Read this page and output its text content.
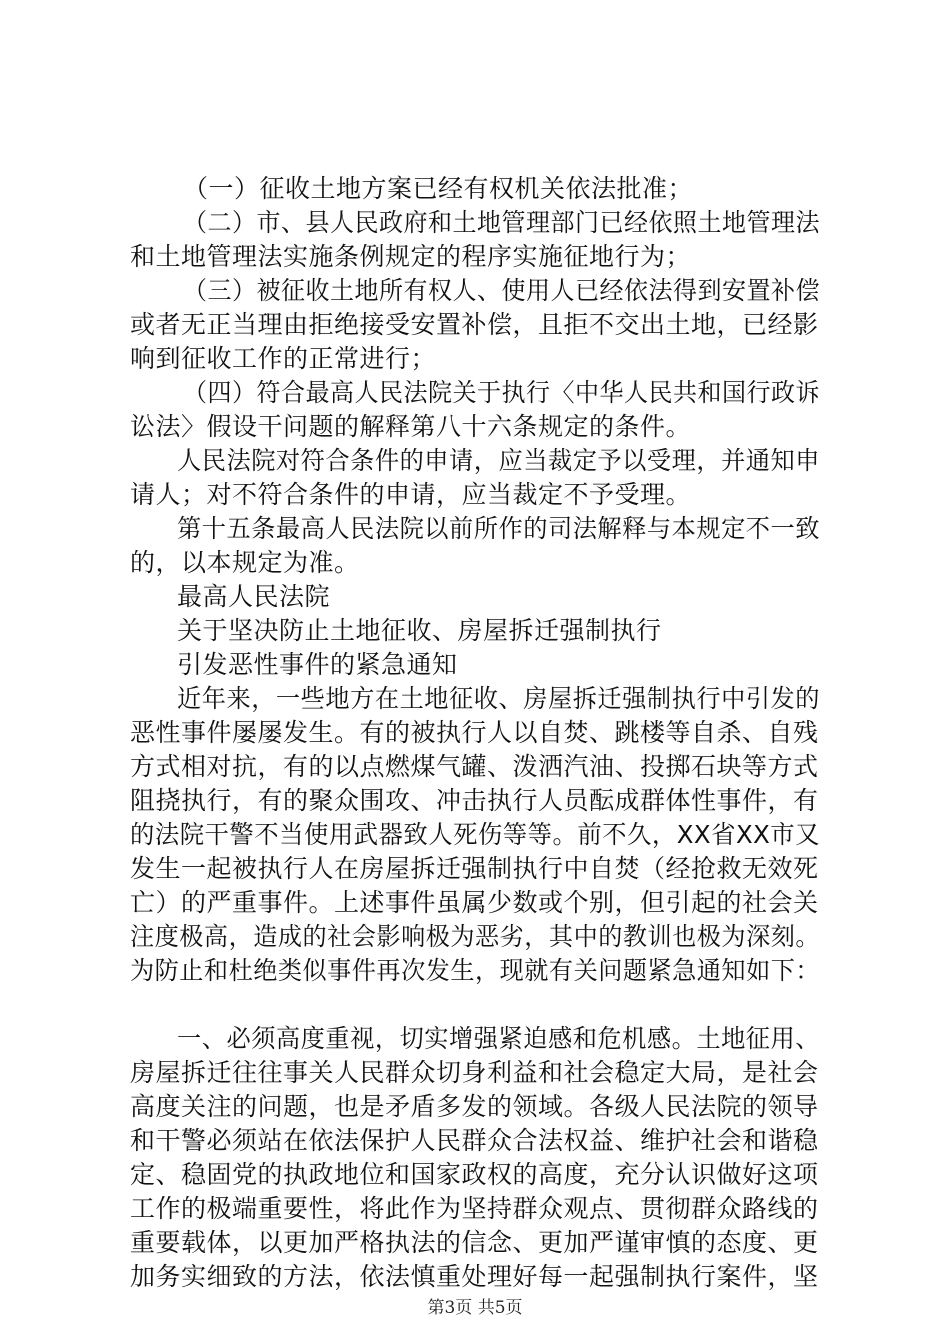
（一）征收土地方案已经有权机关依法批准；
（二）市、县人民政府和土地管理部门已经依照土地管理法
和土地管理法实施条例规定的程序实施征地行为；
（三）被征收土地所有权人、使用人已经依法得到安置补偿
或者无正当理由拒绝接受安置补偿，且拒不交出土地，已经影
响到征收工作的正常进行；
（四）符合最高人民法院关于执行〈中华人民共和国行政诉
讼法〉假设干问题的解释第八十六条规定的条件。
人民法院对符合条件的申请，应当裁定予以受理，并通知申
请人；对不符合条件的申请，应当裁定不予受理。
第十五条最高人民法院以前所作的司法解释与本规定不一致
的，以本规定为准。
最高人民法院
关于坚决防止土地征收、房屋拆迁强制执行
引发恶性事件的紧急通知
近年来，一些地方在土地征收、房屋拆迁强制执行中引发的
恶性事件屡屡发生。有的被执行人以自焚、跳楼等自杀、自残
方式相对抗，有的以点燃煤气罐、泼洒汽油、投掷石块等方式
阻挠执行，有的聚众围攻、冲击执行人员酝成群体性事件，有
的法院干警不当使用武器致人死伤等等。前不久，XX省XX市又
发生一起被执行人在房屋拆迁强制执行中自焚（经抢救无效死
亡）的严重事件。上述事件虽属少数或个别，但引起的社会关
注度极高，造成的社会影响极为恶劣，其中的教训也极为深刻。
为防止和杜绝类似事件再次发生，现就有关问题紧急通知如下：
一、必须高度重视，切实增强紧迫感和危机感。土地征用、
房屋拆迁往往事关人民群众切身利益和社会稳定大局，是社会
高度关注的问题，也是矛盾多发的领域。各级人民法院的领导
和干警必须站在依法保护人民群众合法权益、维护社会和谐稳
定、稳固党的执政地位和国家政权的高度，充分认识做好这项
工作的极端重要性，将此作为坚持群众观点、贯彻群众路线的
重要载体，以更加严格执法的信念、更加严谨审慎的态度、更
加务实细致的方法，依法慎重处理好每一起强制执行案件，坚
第3页 共5页
